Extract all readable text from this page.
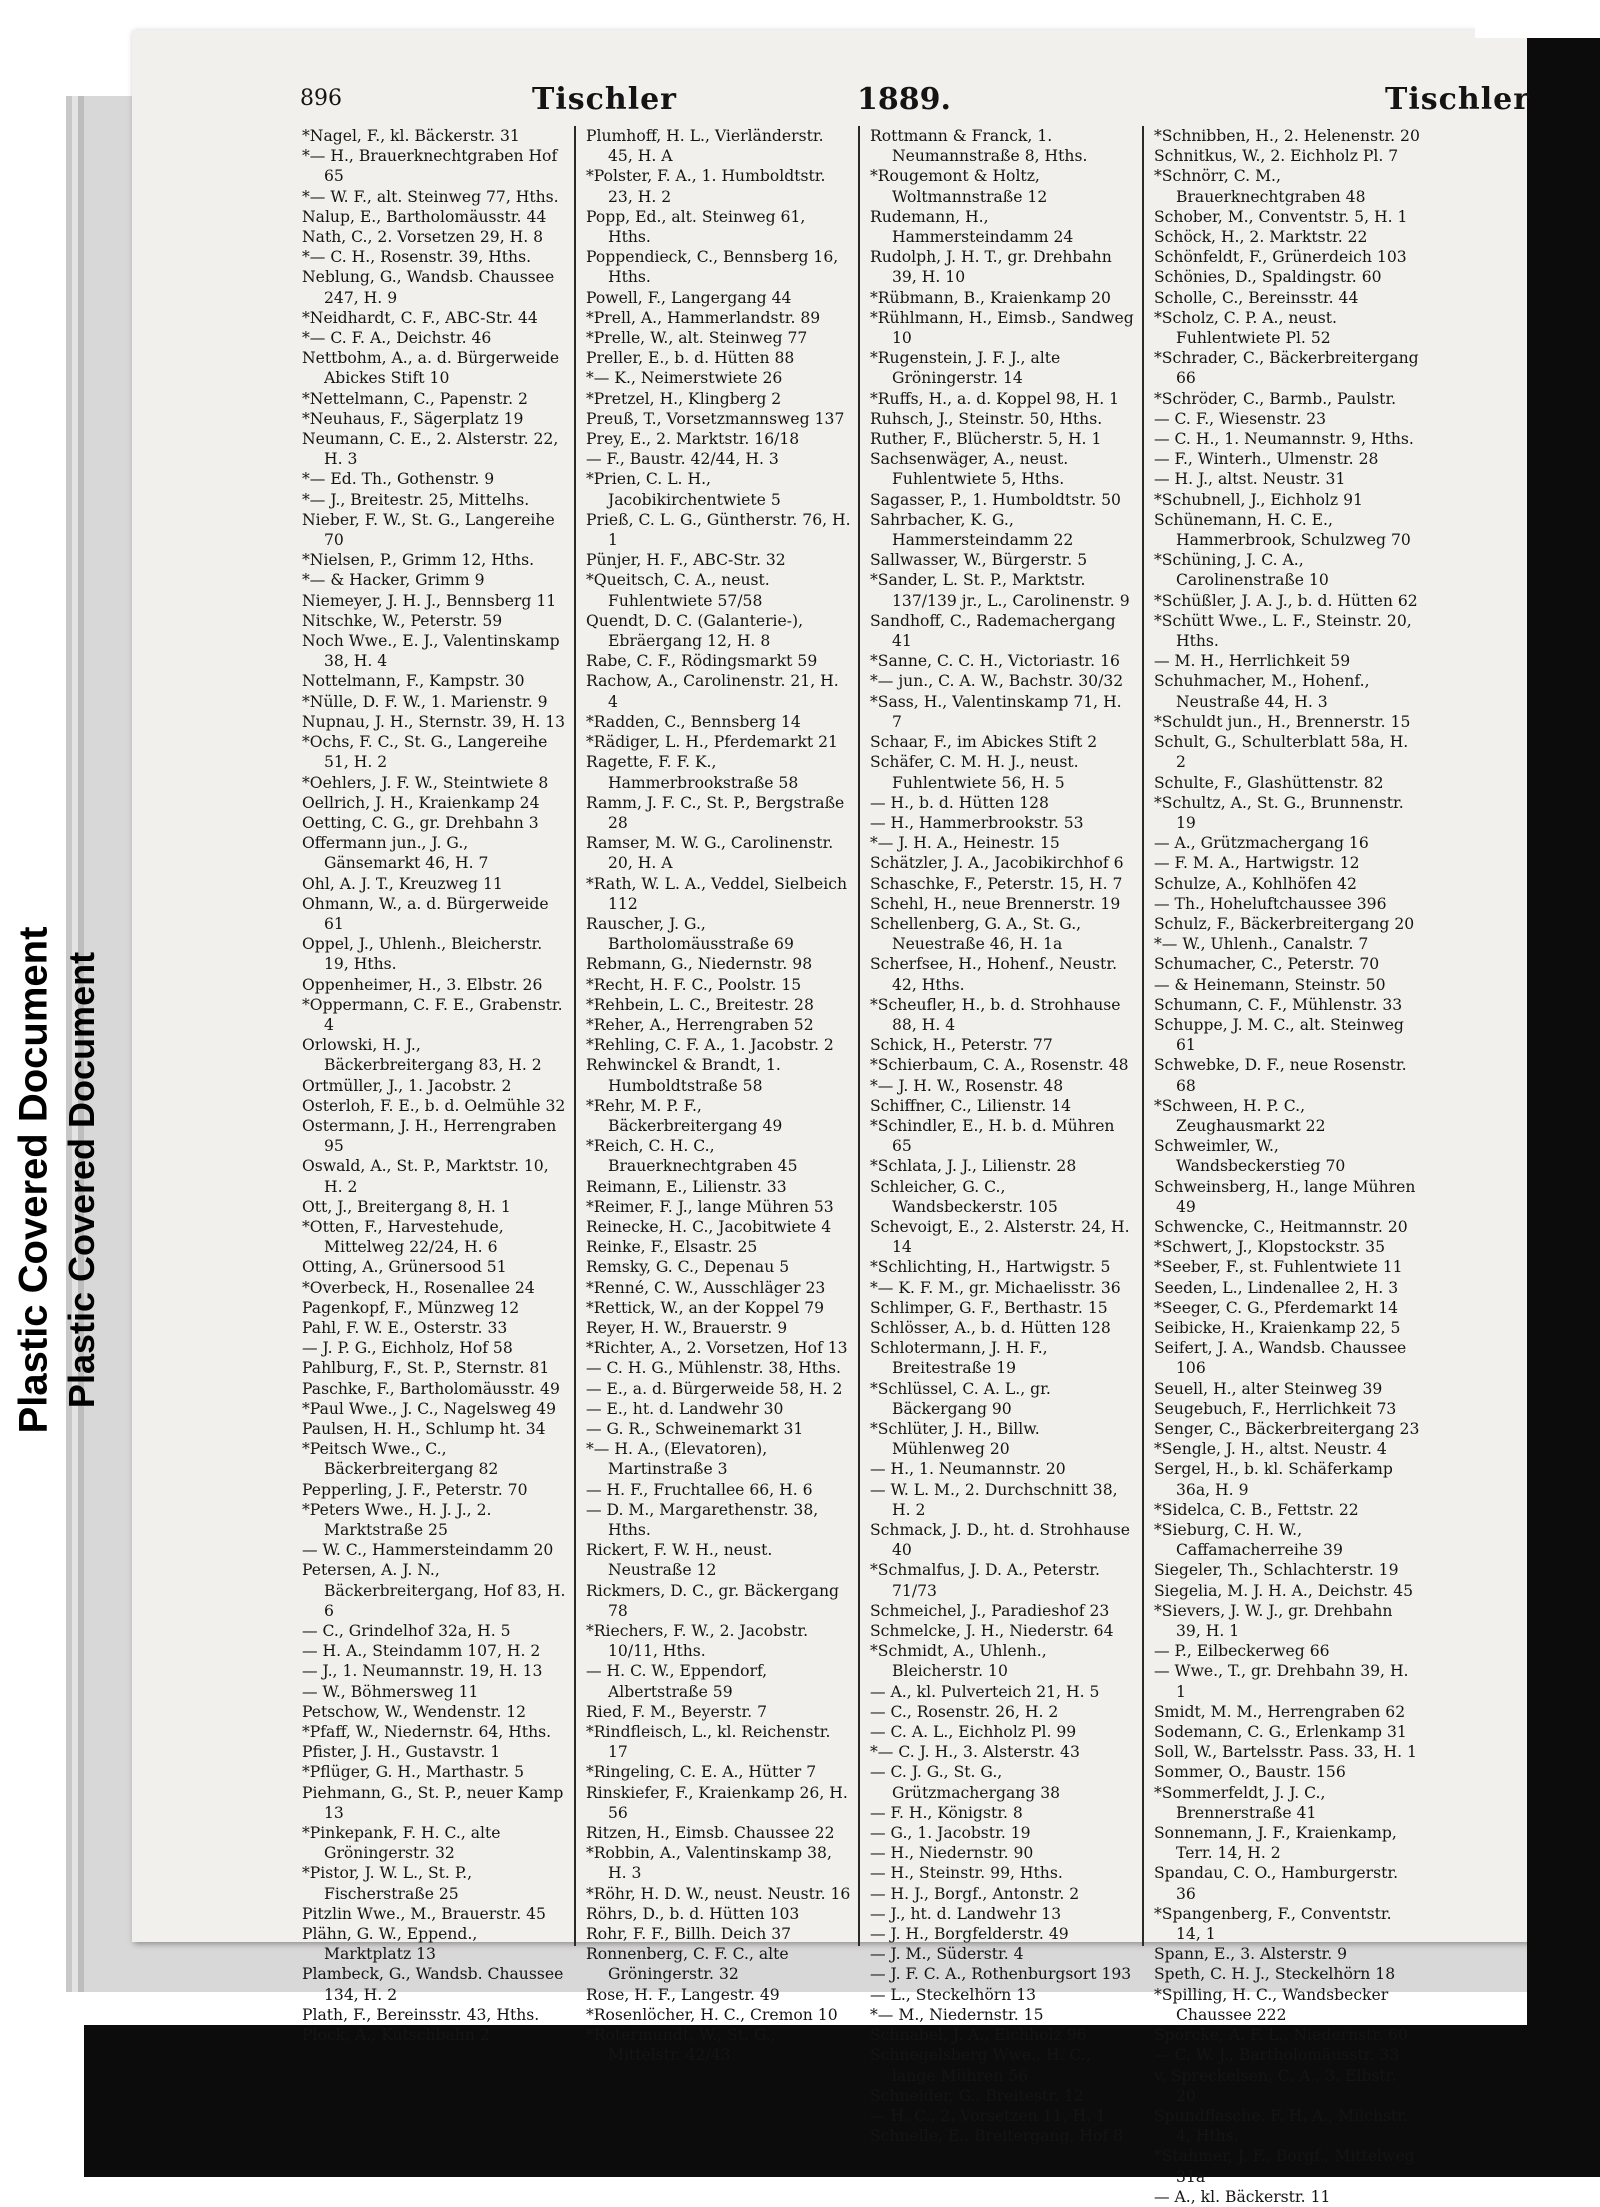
Plastic Covered Document Plastic Covered Document
896	Tischler	1889.	Tischler

*Nagel, F., kl. Bäckerstr. 31

*— H., Brauerknechtgraben Hof 65

*— W. F., alt. Steinweg 77, Hths.

Nalup, E., Bartholomäusstr. 44

Nath, C., 2. Vorsetzen 29, H. 8

*— C. H., Rosenstr. 39, Hths.

Neblung, G., Wandsb. Chaussee 247, H. 9

*Neidhardt, C. F., ABC-Str. 44

*— C. F. A., Deichstr. 46

Nettbohm, A., a. d. Bürgerweide Abickes Stift 10

*Nettelmann, C., Papenstr. 2

*Neuhaus, F., Sägerplatz 19

Neumann, C. E., 2. Alsterstr. 22, H. 3

*— Ed. Th., Gothenstr. 9

*— J., Breitestr. 25, Mittelhs.

Nieber, F. W., St. G., Langereihe 70

*Nielsen, P., Grimm 12, Hths.

*— & Hacker, Grimm 9

Niemeyer, J. H. J., Bennsberg 11

Nitschke, W., Peterstr. 59

Noch Wwe., E. J., Valentinskamp 38, H. 4

Nottelmann, F., Kampstr. 30

*Nülle, D. F. W., 1. Marienstr. 9

Nupnau, J. H., Sternstr. 39, H. 13

*Ochs, F. C., St. G., Langereihe 51, H. 2

*Oehlers, J. F. W., Steintwiete 8

Oellrich, J. H., Kraienkamp 24

Oetting, C. G., gr. Drehbahn 3

Offermann jun., J. G., Gänsemarkt 46, H. 7

Ohl, A. J. T., Kreuzweg 11

Ohmann, W., a. d. Bürgerweide 61

Oppel, J., Uhlenh., Bleicherstr. 19, Hths.

Oppenheimer, H., 3. Elbstr. 26

*Oppermann, C. F. E., Grabenstr. 4

Orlowski, H. J., Bäckerbreitergang 83, H. 2

Ortmüller, J., 1. Jacobstr. 2

Osterloh, F. E., b. d. Oelmühle 32

Ostermann, J. H., Herrengraben 95

Oswald, A., St. P., Marktstr. 10, H. 2

Ott, J., Breitergang 8, H. 1

*Otten, F., Harvestehude, Mittelweg 22/24, H. 6

Otting, A., Grünersood 51

*Overbeck, H., Rosenallee 24

Pagenkopf, F., Münzweg 12

Pahl, F. W. E., Osterstr. 33

— J. P. G., Eichholz, Hof 58

Pahlburg, F., St. P., Sternstr. 81

Paschke, F., Bartholomäusstr. 49

*Paul Wwe., J. C., Nagelsweg 49

Paulsen, H. H., Schlump ht. 34

*Peitsch Wwe., C., Bäckerbreitergang 82

Pepperling, J. F., Peterstr. 70

*Peters Wwe., H. J. J., 2. Marktstraße 25

— W. C., Hammersteindamm 20

Petersen, A. J. N., Bäckerbreitergang, Hof 83, H. 6

— C., Grindelhof 32a, H. 5

— H. A., Steindamm 107, H. 2

— J., 1. Neumannstr. 19, H. 13

— W., Böhmersweg 11

Petschow, W., Wendenstr. 12

*Pfaff, W., Niedernstr. 64, Hths.

Pfister, J. H., Gustavstr. 1

*Pflüger, G. H., Marthastr. 5

Piehmann, G., St. P., neuer Kamp 13

*Pinkepank, F. H. C., alte Gröningerstr. 32

*Pistor, J. W. L., St. P., Fischerstraße 25

Pitzlin Wwe., M., Brauerstr. 45

Plähn, G. W., Eppend., Marktplatz 13

Plambeck, G., Wandsb. Chaussee 134, H. 2

Plath, F., Bereinsstr. 43, Hths.

Plock, A., Kutschbahn 2

Plumhoff, H. L., Vierländerstr. 45, H. A

*Polster, F. A., 1. Humboldtstr. 23, H. 2

Popp, Ed., alt. Steinweg 61, Hths.

Poppendieck, C., Bennsberg 16, Hths.

Powell, F., Langergang 44

*Prell, A., Hammerlandstr. 89

*Prelle, W., alt. Steinweg 77

Preller, E., b. d. Hütten 88

*— K., Neimerstwiete 26

*Pretzel, H., Klingberg 2

Preuß, T., Vorsetzmannsweg 137

Prey, E., 2. Marktstr. 16/18

— F., Baustr. 42/44, H. 3

*Prien, C. L. H., Jacobikirchentwiete 5

Prieß, C. L. G., Güntherstr. 76, H. 1

Pünjer, H. F., ABC-Str. 32

*Queitsch, C. A., neust. Fuhlentwiete 57/58

Quendt, D. C. (Galanterie-), Ebräergang 12, H. 8

Rabe, C. F., Rödingsmarkt 59

Rachow, A., Carolinenstr. 21, H. 4

*Radden, C., Bennsberg 14

*Rädiger, L. H., Pferdemarkt 21

Ragette, F. F. K., Hammerbrookstraße 58

Ramm, J. F. C., St. P., Bergstraße 28

Ramser, M. W. G., Carolinenstr. 20, H. A

*Rath, W. L. A., Veddel, Sielbeich 112

Rauscher, J. G., Bartholomäusstraße 69

Rebmann, G., Niedernstr. 98

*Recht, H. F. C., Poolstr. 15

*Rehbein, L. C., Breitestr. 28

*Reher, A., Herrengraben 52

*Rehling, C. F. A., 1. Jacobstr. 2

Rehwinckel & Brandt, 1. Humboldtstraße 58

*Rehr, M. P. F., Bäckerbreitergang 49

*Reich, C. H. C., Brauerknechtgraben 45

Reimann, E., Lilienstr. 33

*Reimer, F. J., lange Mühren 53

Reinecke, H. C., Jacobitwiete 4

Reinke, F., Elsastr. 25

Remsky, G. C., Depenau 5

*Renné, C. W., Ausschläger 23

*Rettick, W., an der Koppel 79

Reyer, H. W., Brauerstr. 9

*Richter, A., 2. Vorsetzen, Hof 13

— C. H. G., Mühlenstr. 38, Hths.

— E., a. d. Bürgerweide 58, H. 2

— E., ht. d. Landwehr 30

— G. R., Schweinemarkt 31

*— H. A., (Elevatoren), Martinstraße 3

— H. F., Fruchtallee 66, H. 6

— D. M., Margarethenstr. 38, Hths.

Rickert, F. W. H., neust. Neustraße 12

Rickmers, D. C., gr. Bäckergang 78

*Riechers, F. W., 2. Jacobstr. 10/11, Hths.

— H. C. W., Eppendorf, Albertstraße 59

Ried, F. M., Beyerstr. 7

*Rindfleisch, L., kl. Reichenstr. 17

*Ringeling, C. E. A., Hütter 7

Rinskiefer, F., Kraienkamp 26, H. 56

Ritzen, H., Eimsb. Chaussee 22

*Robbin, A., Valentinskamp 38, H. 3

*Röhr, H. D. W., neust. Neustr. 16

Röhrs, D., b. d. Hütten 103

Rohr, F. F., Billh. Deich 37

Ronnenberg, C. F. C., alte Gröningerstr. 32

Rose, H. F., Langestr. 49

*Rosenlöcher, H. C., Cremon 10

*Rotermundt, W., St. G., Mittelstr. 42/43

Rottmann & Franck, 1. Neumannstraße 8, Hths.

*Rougemont & Holtz, Woltmannstraße 12

Rudemann, H., Hammersteindamm 24

Rudolph, J. H. T., gr. Drehbahn 39, H. 10

*Rübmann, B., Kraienkamp 20

*Rühlmann, H., Eimsb., Sandweg 10

*Rugenstein, J. F. J., alte Gröningerstr. 14

*Ruffs, H., a. d. Koppel 98, H. 1

Ruhsch, J., Steinstr. 50, Hths.

Ruther, F., Blücherstr. 5, H. 1

Sachsenwäger, A., neust. Fuhlentwiete 5, Hths.

Sagasser, P., 1. Humboldtstr. 50

Sahrbacher, K. G., Hammersteindamm 22

Sallwasser, W., Bürgerstr. 5

*Sander, L. St. P., Marktstr. 137/139 jr., L., Carolinenstr. 9

Sandhoff, C., Rademachergang 41

*Sanne, C. C. H., Victoriastr. 16

*— jun., C. A. W., Bachstr. 30/32

*Sass, H., Valentinskamp 71, H. 7

Schaar, F., im Abickes Stift 2

Schäfer, C. M. H. J., neust. Fuhlentwiete 56, H. 5

— H., b. d. Hütten 128

— H., Hammerbrookstr. 53

*— J. H. A., Heinestr. 15

Schätzler, J. A., Jacobikirchhof 6

Schaschke, F., Peterstr. 15, H. 7

Schehl, H., neue Brennerstr. 19

Schellenberg, G. A., St. G., Neuestraße 46, H. 1a

Scherfsee, H., Hohenf., Neustr. 42, Hths.

*Scheufler, H., b. d. Strohhause 88, H. 4

Schick, H., Peterstr. 77

*Schierbaum, C. A., Rosenstr. 48

*— J. H. W., Rosenstr. 48

Schiffner, C., Lilienstr. 14

*Schindler, E., H. b. d. Mühren 65

*Schlata, J. J., Lilienstr. 28

Schleicher, G. C., Wandsbeckerstr. 105

Schevoigt, E., 2. Alsterstr. 24, H. 14

*Schlichting, H., Hartwigstr. 5

*— K. F. M., gr. Michaelisstr. 36

Schlimper, G. F., Berthastr. 15

Schlösser, A., b. d. Hütten 128

Schlotermann, J. H. F., Breitestraße 19

*Schlüssel, C. A. L., gr. Bäckergang 90

*Schlüter, J. H., Billw. Mühlenweg 20

— H., 1. Neumannstr. 20

— W. L. M., 2. Durchschnitt 38, H. 2

Schmack, J. D., ht. d. Strohhause 40

*Schmalfus, J. D. A., Peterstr. 71/73

Schmeichel, J., Paradieshof 23

Schmelcke, J. H., Niederstr. 64

*Schmidt, A., Uhlenh., Bleicherstr. 10

— A., kl. Pulverteich 21, H. 5

— C., Rosenstr. 26, H. 2

— C. A. L., Eichholz Pl. 99

*— C. J. H., 3. Alsterstr. 43

— C. J. G., St. G., Grützmachergang 38

— F. H., Königstr. 8

— G., 1. Jacobstr. 19

— H., Niedernstr. 90

— H., Steinstr. 99, Hths.

— H. J., Borgf., Antonstr. 2

— J., ht. d. Landwehr 13

— J. H., Borgfelderstr. 49

— J. M., Süderstr. 4

— J. F. C. A., Rothenburgsort 193

— L., Steckelhörn 13

*— M., Niedernstr. 15

Schnabel, J. A., Eichholz 96

Schnegelsberg Wwe., H. C., lange Mühren 56

Schneider, G., Breitestr. 12

— H. C., 2. Vorsetzen 11, H. 1

Schnelle, E., Breitergang, Hof 8

*Schnibben, H., 2. Helenenstr. 20

Schnitkus, W., 2. Eichholz Pl. 7

*Schnörr, C. M., Brauerknechtgraben 48

Schober, M., Conventstr. 5, H. 1

Schöck, H., 2. Marktstr. 22

Schönfeldt, F., Grünerdeich 103

Schönies, D., Spaldingstr. 60

Scholle, C., Bereinsstr. 44

*Scholz, C. P. A., neust. Fuhlentwiete Pl. 52

*Schrader, C., Bäckerbreitergang 66

*Schröder, C., Barmb., Paulstr.

— C. F., Wiesenstr. 23

— C. H., 1. Neumannstr. 9, Hths.

— F., Winterh., Ulmenstr. 28

— H. J., altst. Neustr. 31

*Schubnell, J., Eichholz 91

Schünemann, H. C. E., Hammerbrook, Schulzweg 70

*Schüning, J. C. A., Carolinenstraße 10

*Schüßler, J. A. J., b. d. Hütten 62

*Schütt Wwe., L. F., Steinstr. 20, Hths.

— M. H., Herrlichkeit 59

Schuhmacher, M., Hohenf., Neustraße 44, H. 3

*Schuldt jun., H., Brennerstr. 15

Schult, G., Schulterblatt 58a, H. 2

Schulte, F., Glashüttenstr. 82

*Schultz, A., St. G., Brunnenstr. 19

— A., Grützmachergang 16

— F. M. A., Hartwigstr. 12

Schulze, A., Kohlhöfen 42

— Th., Hoheluftchaussee 396

Schulz, F., Bäckerbreitergang 20

*— W., Uhlenh., Canalstr. 7

Schumacher, C., Peterstr. 70

— & Heinemann, Steinstr. 50

Schumann, C. F., Mühlenstr. 33

Schuppe, J. M. C., alt. Steinweg 61

Schwebke, D. F., neue Rosenstr. 68

*Schween, H. P. C., Zeughausmarkt 22

Schweimler, W., Wandsbeckerstieg 70

Schweinsberg, H., lange Mühren 49

Schwencke, C., Heitmannstr. 20

*Schwert, J., Klopstockstr. 35

*Seeber, F., st. Fuhlentwiete 11

Seeden, L., Lindenallee 2, H. 3

*Seeger, C. G., Pferdemarkt 14

Seibicke, H., Kraienkamp 22, 5

Seifert, J. A., Wandsb. Chaussee 106

Seuell, H., alter Steinweg 39

Seugebuch, F., Herrlichkeit 73

Senger, C., Bäckerbreitergang 23

*Sengle, J. H., altst. Neustr. 4

Sergel, H., b. kl. Schäferkamp 36a, H. 9

*Sidelca, C. B., Fettstr. 22

*Sieburg, C. H. W., Caffamacherreihe 39

Siegeler, Th., Schlachterstr. 19

Siegelia, M. J. H. A., Deichstr. 45

*Sievers, J. W. J., gr. Drehbahn 39, H. 1

— P., Eilbeckerweg 66

— Wwe., T., gr. Drehbahn 39, H. 1

Smidt, M. M., Herrengraben 62

Sodemann, C. G., Erlenkamp 31

Soll, W., Bartelsstr. Pass. 33, H. 1

Sommer, O., Baustr. 156

*Sommerfeldt, J. J. C., Brennerstraße 41

Sonnemann, J. F., Kraienkamp, Terr. 14, H. 2

Spandau, C. O., Hamburgerstr. 36

*Spangenberg, F., Conventstr. 14, 1

Spann, E., 3. Alsterstr. 9

Speth, C. H. J., Steckelhörn 18

*Spilling, H. C., Wandsbecker Chaussee 222

Spörcke, A. F. L., Niedernstr. 60

— C. W. J., Bartholomäusstr. 33

v. Spreckelsen, C. A., 3. Elbstr. 20

Spundflasche, F. H. A., Milchstr. 4, Hths.

*Stahmer, J. F., Borgf., Mittelweg 31a

— A., kl. Bäckerstr. 11
